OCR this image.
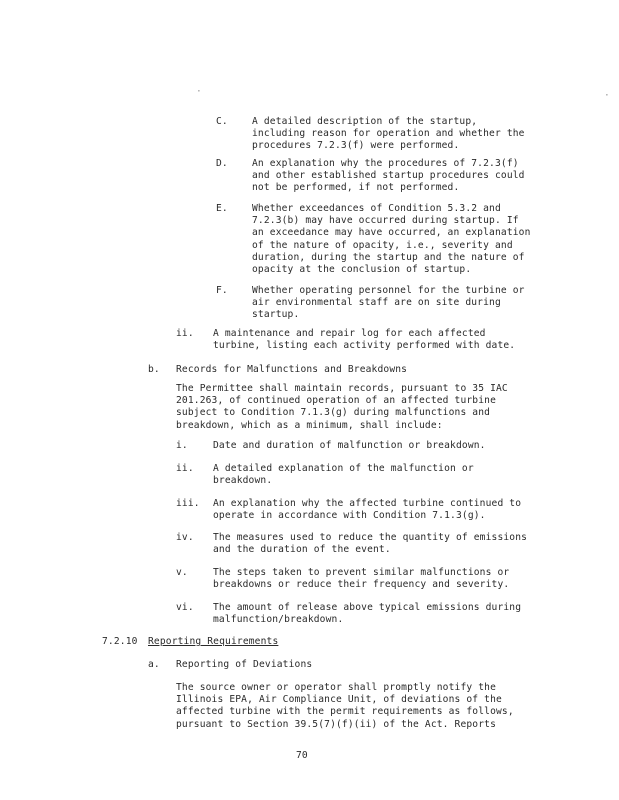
·	·
C.	A detailed description of the startup,
including reason for operation and whether the
procedures 7.2.3(f) were performed.
D.	An explanation why the procedures of 7.2.3(f)
and other established startup procedures could
not be performed, if not performed.
E.	Whether exceedances of Condition 5.3.2 and
7.2.3(b) may have occurred during startup. If
an exceedance may have occurred, an explanation
of the nature of opacity, i.e., severity and
duration, during the startup and the nature of
opacity at the conclusion of startup.
F.	Whether operating personnel for the turbine or
air environmental staff are on site during
startup.
ii. A maintenance and repair log for each affected
turbine, listing each activity performed with date.
b. Records for Malfunctions and Breakdowns
The Permittee shall maintain records, pursuant to 35 IAC
201.263, of continued operation of an affected turbine
subject to Condition 7.1.3(g) during malfunctions and
breakdown, which as a minimum, shall include:
i.	Date and duration of malfunction or breakdown.
ii. A detailed explanation of the malfunction or
breakdown.
iii. An explanation why the affected turbine continued to
operate in accordance with Condition 7.1.3(g).
iv. The measures used to reduce the quantity of emissions
and the duration of the event.
v.	The steps taken to prevent similar malfunctions or
breakdowns or reduce their frequency and severity.
vi. The amount of release above typical emissions during
malfunction/breakdown.
7.2.10 Reporting Requirements
a. Reporting of Deviations
The source owner or operator shall promptly notify the
Illinois EPA, Air Compliance Unit, of deviations of the
affected turbine with the permit requirements as follows,
pursuant to Section 39.5(7)(f)(ii) of the Act. Reports
70
